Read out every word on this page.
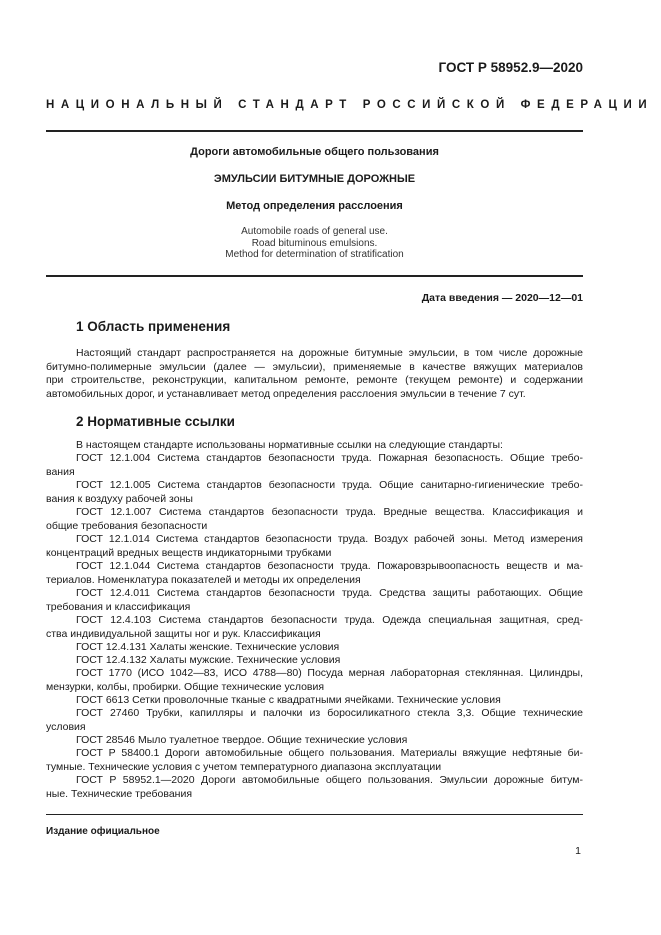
ГОСТ Р 58952.9—2020
НАЦИОНАЛЬНЫЙ СТАНДАРТ РОССИЙСКОЙ ФЕДЕРАЦИИ
Дороги автомобильные общего пользования
ЭМУЛЬСИИ БИТУМНЫЕ ДОРОЖНЫЕ
Метод определения расслоения
Automobile roads of general use.
Road bituminous emulsions.
Method for determination of stratification
Дата введения — 2020—12—01
1 Область применения
Настоящий стандарт распространяется на дорожные битумные эмульсии, в том числе дорожные
битумно-полимерные эмульсии (далее — эмульсии), применяемые в качестве вяжущих материалов
при строительстве, реконструкции, капитальном ремонте, ремонте (текущем ремонте) и содержании
автомобильных дорог, и устанавливает метод определения расслоения эмульсии в течение 7 сут.
2 Нормативные ссылки
В настоящем стандарте использованы нормативные ссылки на следующие стандарты:
ГОСТ 12.1.004 Система стандартов безопасности труда. Пожарная безопасность. Общие требо-
вания
ГОСТ 12.1.005 Система стандартов безопасности труда. Общие санитарно-гигиенические требо-
вания к воздуху рабочей зоны
ГОСТ 12.1.007 Система стандартов безопасности труда. Вредные вещества. Классификация и
общие требования безопасности
ГОСТ 12.1.014 Система стандартов безопасности труда. Воздух рабочей зоны. Метод измерения
концентраций вредных веществ индикаторными трубками
ГОСТ 12.1.044 Система стандартов безопасности труда. Пожаровзрывоопасность веществ и ма-
териалов. Номенклатура показателей и методы их определения
ГОСТ 12.4.011 Система стандартов безопасности труда. Средства защиты работающих. Общие
требования и классификация
ГОСТ 12.4.103 Система стандартов безопасности труда. Одежда специальная защитная, сред-
ства индивидуальной защиты ног и рук. Классификация
ГОСТ 12.4.131 Халаты женские. Технические условия
ГОСТ 12.4.132 Халаты мужские. Технические условия
ГОСТ 1770 (ИСО 1042—83, ИСО 4788—80) Посуда мерная лабораторная стеклянная. Цилиндры,
мензурки, колбы, пробирки. Общие технические условия
ГОСТ 6613 Сетки проволочные тканые с квадратными ячейками. Технические условия
ГОСТ 27460 Трубки, капилляры и палочки из боросиликатного стекла 3,3. Общие технические
условия
ГОСТ 28546 Мыло туалетное твердое. Общие технические условия
ГОСТ Р 58400.1 Дороги автомобильные общего пользования. Материалы вяжущие нефтяные би-
тумные. Технические условия с учетом температурного диапазона эксплуатации
ГОСТ Р 58952.1—2020 Дороги автомобильные общего пользования. Эмульсии дорожные битум-
ные. Технические требования
Издание официальное
1
